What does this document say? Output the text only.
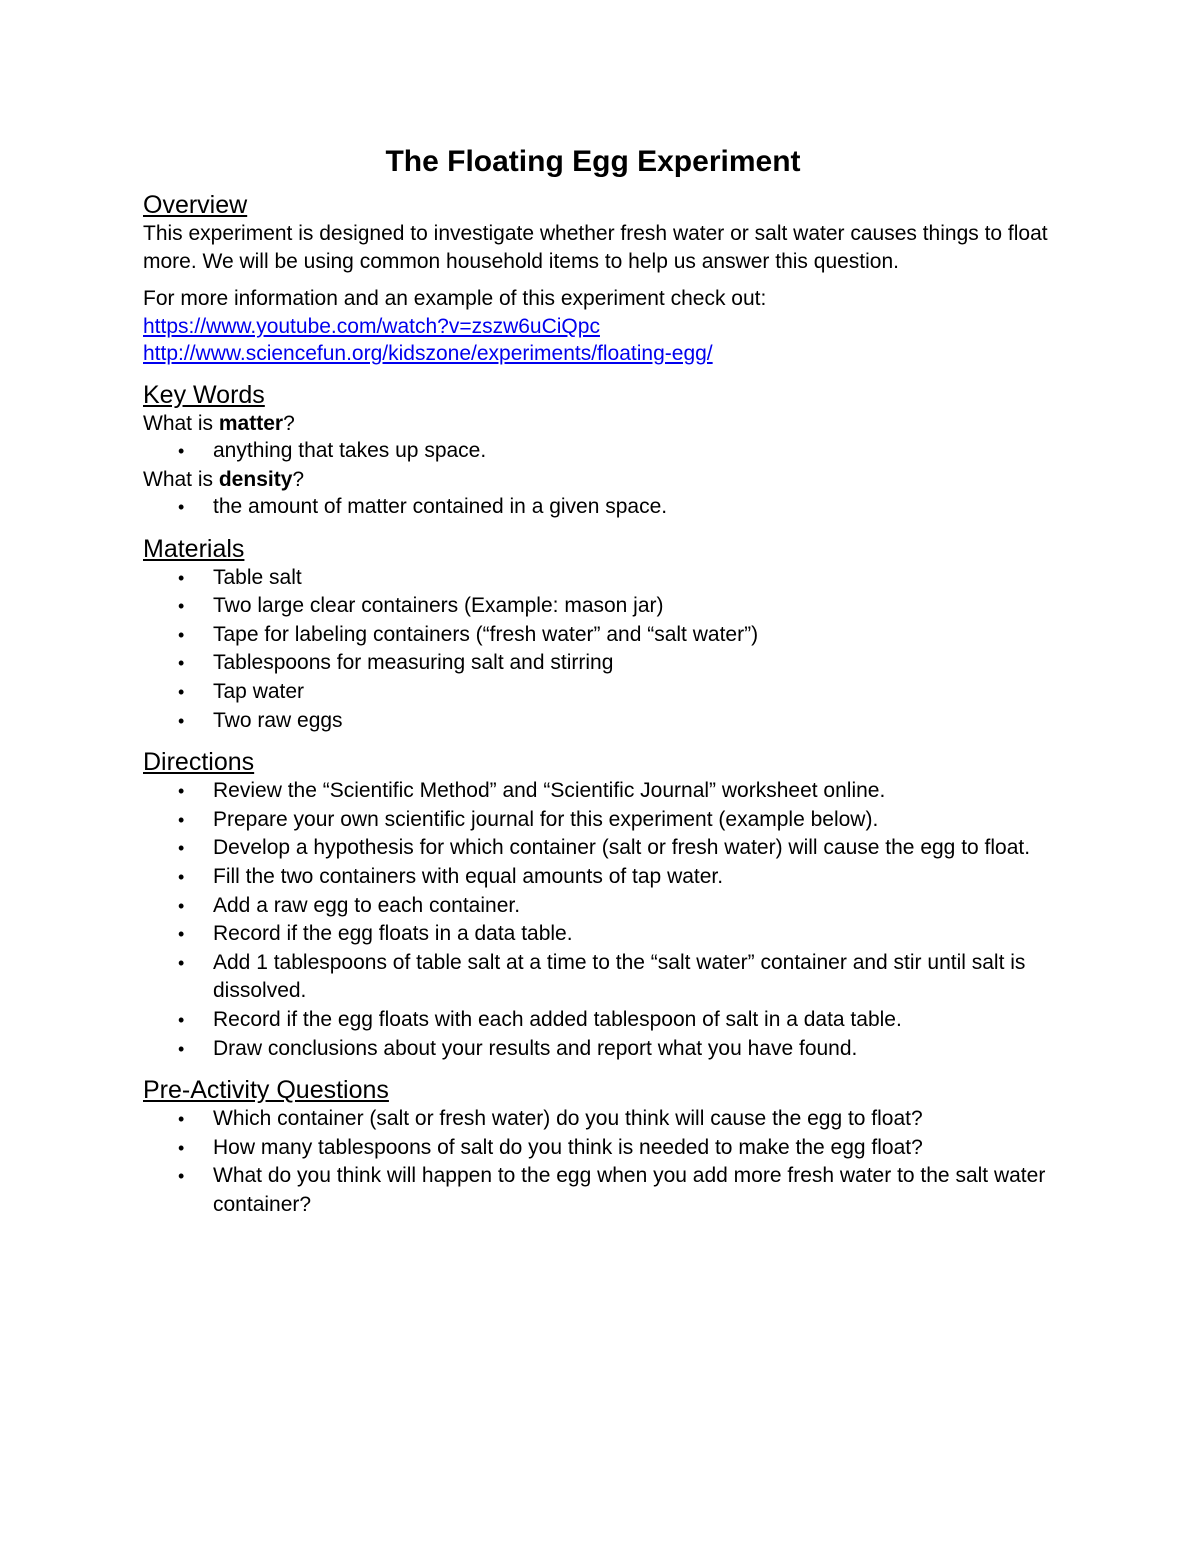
The Floating Egg Experiment
Overview

This experiment is designed to investigate whether fresh water or salt water causes things to float more. We will be using common household items to help us answer this question.

For more information and an example of this experiment check out:

https://www.youtube.com/watch?v=zszw6uCiQpc
http://www.sciencefun.org/kidszone/experiments/floating-egg/
Key Words

What is matter?

• anything that takes up space.

What is density?

• the amount of matter contained in a given space.
Materials
• Table salt
• Two large clear containers (Example: mason jar)
• Tape for labeling containers (“fresh water” and “salt water”)
• Tablespoons for measuring salt and stirring
• Tap water
• Two raw eggs
Directions
• Review the “Scientific Method” and “Scientific Journal” worksheet online.
• Prepare your own scientific journal for this experiment (example below).
• Develop a hypothesis for which container (salt or fresh water) will cause the egg to float.
• Fill the two containers with equal amounts of tap water.
• Add a raw egg to each container.
• Record if the egg floats in a data table.
• Add 1 tablespoons of table salt at a time to the “salt water” container and stir until salt is dissolved.
• Record if the egg floats with each added tablespoon of salt in a data table.
• Draw conclusions about your results and report what you have found.
Pre-Activity Questions
• Which container (salt or fresh water) do you think will cause the egg to float?
• How many tablespoons of salt do you think is needed to make the egg float?
• What do you think will happen to the egg when you add more fresh water to the salt water container?
